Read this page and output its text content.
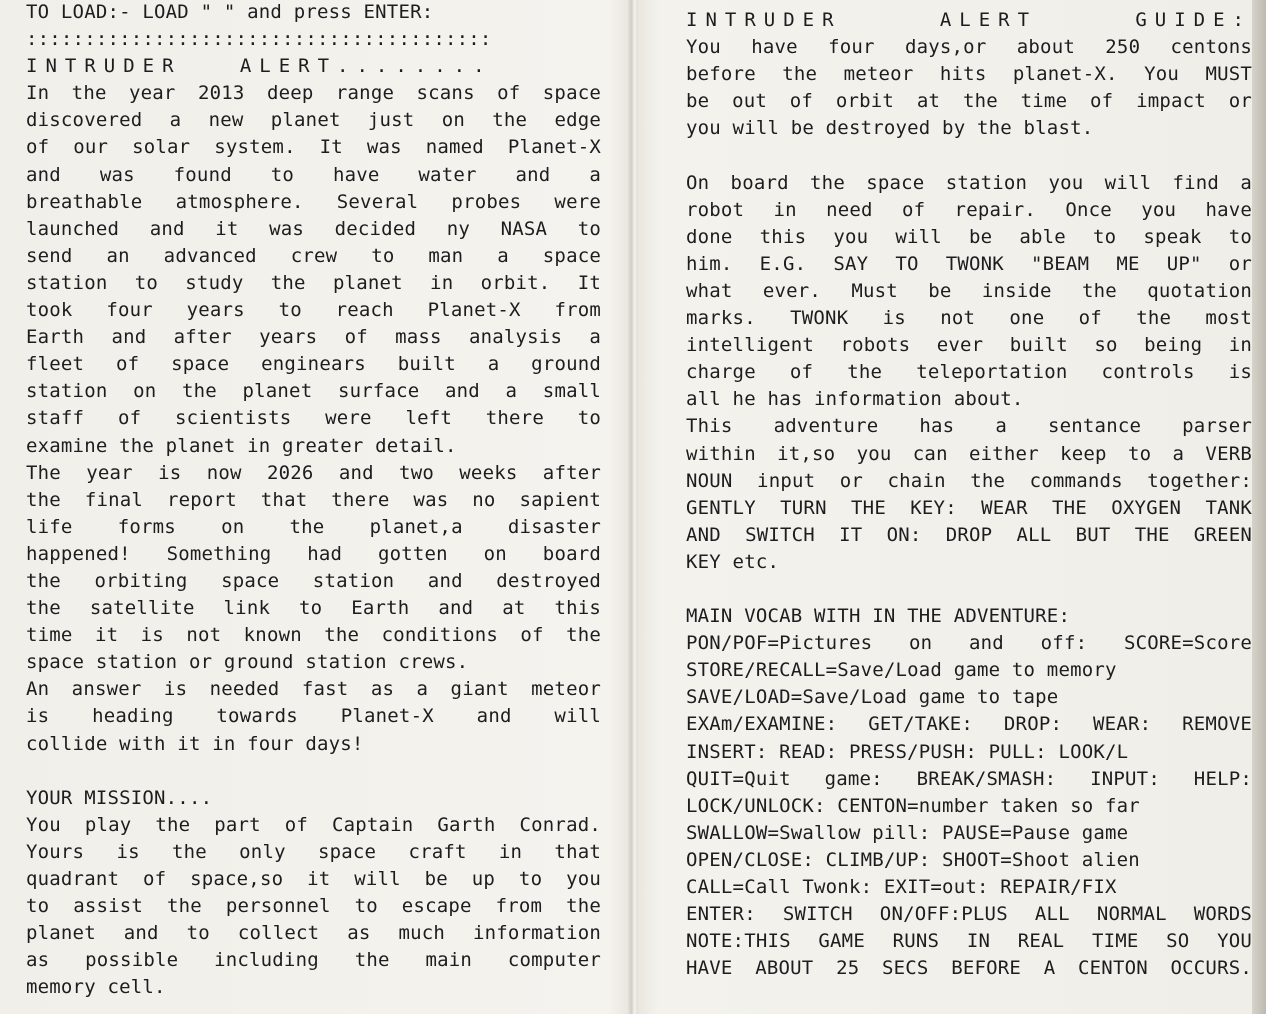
TO LOAD:- LOAD " " and press ENTER:
::::::::::::::::::::::::::::::::::::::::
INTRUDER   ALERT........
In the year 2013 deep range scans of space
discovered a new planet just on the edge
of our solar system. It was named Planet-X
and was found to have water and a
breathable atmosphere. Several probes were
launched and it was decided ny NASA to
send an advanced crew to man a space
station to study the planet in orbit. It
took four years to reach Planet-X from
Earth and after years of mass analysis a
fleet of space enginears built a ground
station on the planet surface and a small
staff of scientists were left there to
examine the planet in greater detail.
The year is now 2026 and two weeks after
the final report that there was no sapient
life forms on the planet,a disaster
happened! Something had gotten on board
the orbiting space station and destroyed
the satellite link to Earth and at this
time it is not known the conditions of the
space station or ground station crews.
An answer is needed fast as a giant meteor
is heading towards Planet-X and will
collide with it in four days!
YOUR MISSION....
You play the part of Captain Garth Conrad.
Yours is the only space craft in that
quadrant of space,so it will be up to you
to assist the personnel to escape from the
planet and to collect as much information
as possible including the main computer
memory cell.
INTRUDER ALERT GUIDE:
You have four days,or about 250 centons
before the meteor hits planet-X. You MUST
be out of orbit at the time of impact or
you will be destroyed by the blast.
On board the space station you will find a
robot in need of repair. Once you have
done this you will be able to speak to
him. E.G. SAY TO TWONK "BEAM ME UP" or
what ever. Must be inside the quotation
marks. TWONK is not one of the most
intelligent robots ever built so being in
charge of the teleportation controls is
all he has information about.
This adventure has a sentance parser
within it,so you can either keep to a VERB
NOUN input or chain the commands together:
GENTLY TURN THE KEY: WEAR THE OXYGEN TANK
AND SWITCH IT ON: DROP ALL BUT THE GREEN
KEY etc.
MAIN VOCAB WITH IN THE ADVENTURE:
PON/POF=Pictures on and off: SCORE=Score
STORE/RECALL=Save/Load game to memory
SAVE/LOAD=Save/Load game to tape
EXAm/EXAMINE: GET/TAKE: DROP: WEAR: REMOVE
INSERT: READ: PRESS/PUSH: PULL: LOOK/L
QUIT=Quit game: BREAK/SMASH: INPUT: HELP:
LOCK/UNLOCK: CENTON=number taken so far
SWALLOW=Swallow pill: PAUSE=Pause game
OPEN/CLOSE: CLIMB/UP: SHOOT=Shoot alien
CALL=Call Twonk: EXIT=out: REPAIR/FIX
ENTER: SWITCH ON/OFF:PLUS ALL NORMAL WORDS
NOTE:THIS GAME RUNS IN REAL TIME SO YOU
HAVE ABOUT 25 SECS BEFORE A CENTON OCCURS.
